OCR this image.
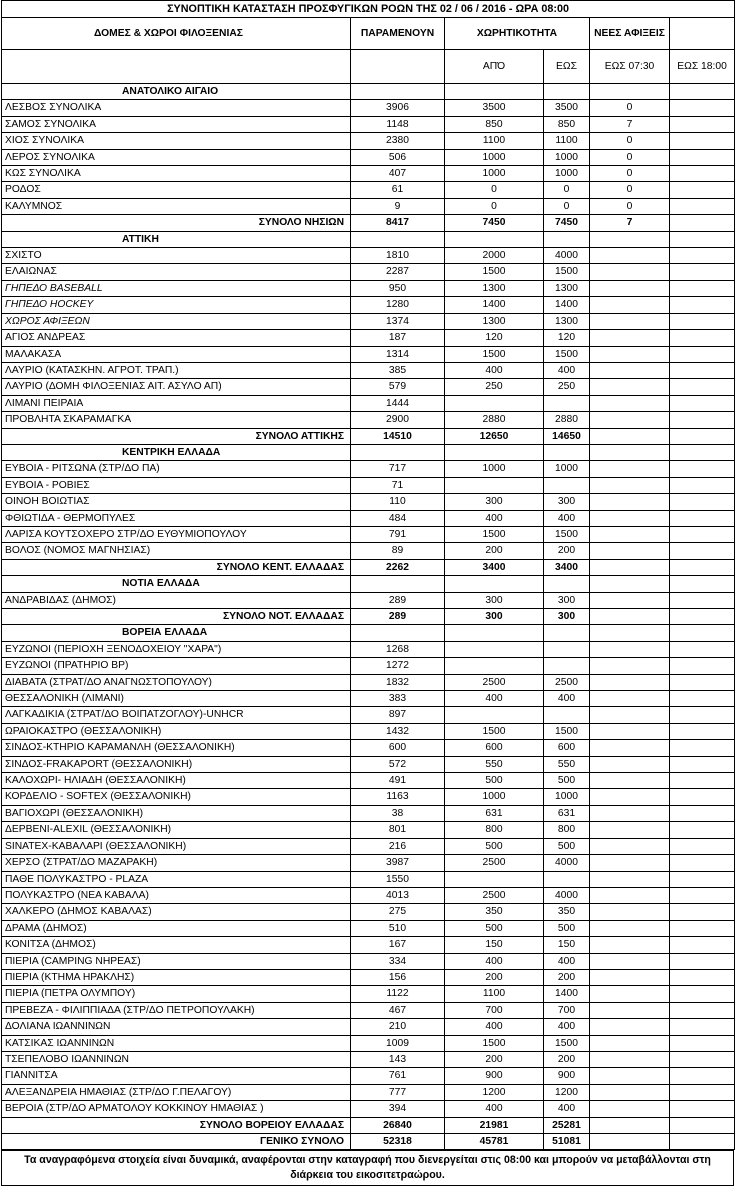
ΣΥΝΟΠΤΙΚΗ ΚΑΤΑΣΤΑΣΗ ΠΡΟΣΦΥΓΙΚΩΝ ΡΟΩΝ ΤΗΣ 02 / 06 / 2016 - ΩΡΑ 08:00					
ΔΟΜΕΣ & ΧΩΡΟΙ ΦΙΛΟΞΕΝΙΑΣ	ΠΑΡΑΜΕΝΟΥΝ	ΧΩΡΗΤΙΚΟΤΗΤΑ		ΝΕΕΣ ΑΦΙΞΕΙΣ	
		ΑΠΌ	ΕΩΣ	ΕΩΣ 07:30	ΕΩΣ 18:00
ΑΝΑΤΟΛΙΚΟ ΑΙΓΑΙΟ					
ΛΕΣΒΟΣ ΣΥΝΟΛΙΚΑ	3906	3500	3500	0	
ΣΑΜΟΣ ΣΥΝΟΛΙΚΑ	1148	850	850	7	
ΧΙΟΣ ΣΥΝΟΛΙΚΑ	2380	1100	1100	0	
ΛΕΡΟΣ ΣΥΝΟΛΙΚΑ	506	1000	1000	0	
ΚΩΣ ΣΥΝΟΛΙΚΑ	407	1000	1000	0	
ΡΟΔΟΣ	61	0	0	0	
ΚΑΛΥΜΝΟΣ	9	0	0	0	
ΣΥΝΟΛΟ ΝΗΣΙΩΝ	8417	7450	7450	7	
ΑΤΤΙΚΗ					
ΣΧΙΣΤΟ	1810	2000	4000		
ΕΛΑΙΩΝΑΣ	2287	1500	1500		
ΓΗΠΕΔΟ BASEBALL	950	1300	1300		
ΓΗΠΕΔΟ HOCKEY	1280	1400	1400		
ΧΩΡΟΣ ΑΦΙΞΕΩΝ	1374	1300	1300		
ΑΓΙΟΣ ΑΝΔΡΕΑΣ	187	120	120		
ΜΑΛΑΚΑΣΑ	1314	1500	1500		
ΛΑΥΡΙΟ (ΚΑΤΑΣΚΗΝ. ΑΓΡΟΤ. ΤΡΑΠ.)	385	400	400		
ΛΑΥΡΙΟ (ΔΟΜΗ ΦΙΛΟΞΕΝΙΑΣ ΑΙΤ. ΑΣΥΛΟ ΑΠ)	579	250	250		
ΛΙΜΑΝΙ ΠΕΙΡΑΙΑ	1444				
ΠΡΟΒΛΗΤΑ ΣΚΑΡΑΜΑΓΚΑ	2900	2880	2880		
ΣΥΝΟΛΟ ΑΤΤΙΚΗΣ	14510	12650	14650		
ΚΕΝΤΡΙΚΗ ΕΛΛΑΔΑ					
ΕΥΒΟΙΑ - ΡΙΤΣΩΝΑ (ΣΤΡ/ΔΟ ΠΑ)	717	1000	1000		
ΕΥΒΟΙΑ - ΡΟΒΙΕΣ	71				
ΟΙΝΟΗ ΒΟΙΩΤΙΑΣ	110	300	300		
ΦΘΙΩΤΙΔΑ - ΘΕΡΜΟΠΥΛΕΣ	484	400	400		
ΛΑΡΙΣΑ ΚΟΥΤΣΟΧΕΡΟ ΣΤΡ/ΔΟ ΕΥΘΥΜΙΟΠΟΥΛΟΥ	791	1500	1500		
ΒΟΛΟΣ (ΝΟΜΟΣ ΜΑΓΝΗΣΙΑΣ)	89	200	200		
ΣΥΝΟΛΟ ΚΕΝΤ. ΕΛΛΑΔΑΣ	2262	3400	3400		
ΝΟΤΙΑ ΕΛΛΑΔΑ					
ΑΝΔΡΑΒΙΔΑΣ (ΔΗΜΟΣ)	289	300	300		
ΣΥΝΟΛΟ ΝΟΤ. ΕΛΛΑΔΑΣ	289	300	300		
ΒΟΡΕΙΑ ΕΛΛΑΔΑ					
ΕΥΖΩΝΟΙ (ΠΕΡΙΟΧΗ ΞΕΝΟΔΟΧΕΙΟΥ "ΧΑΡΑ")	1268				
ΕΥΖΩΝΟΙ (ΠΡΑΤΗΡΙΟ ΒΡ)	1272				
ΔΙΑΒΑΤΑ (ΣΤΡΑΤ/ΔΟ ΑΝΑΓΝΩΣΤΟΠΟΥΛΟΥ)	1832	2500	2500		
ΘΕΣΣΑΛΟΝΙΚΗ (ΛΙΜΑΝΙ)	383	400	400		
ΛΑΓΚΑΔΙΚΙΑ (ΣΤΡΑΤ/ΔΟ ΒΟΙΠΑΤΖΟΓΛΟΥ)-UNHCR	897				
ΩΡΑΙΟΚΑΣΤΡΟ (ΘΕΣΣΑΛΟΝΙΚΗ)	1432	1500	1500		
ΣΙΝΔΟΣ-ΚΤΗΡΙΟ ΚΑΡΑΜΑΝΛΗ (ΘΕΣΣΑΛΟΝΙΚΗ)	600	600	600		
ΣΙΝΔΟΣ-FRAKAPORT (ΘΕΣΣΑΛΟΝΙΚΗ)	572	550	550		
ΚΑΛΟΧΩΡΙ- ΗΛΙΑΔΗ (ΘΕΣΣΑΛΟΝΙΚΗ)	491	500	500		
ΚΟΡΔΕΛΙΟ - SOFTEX (ΘΕΣΣΑΛΟΝΙΚΗ)	1163	1000	1000		
ΒΑΓΙΟΧΩΡΙ (ΘΕΣΣΑΛΟΝΙΚΗ)	38	631	631		
ΔΕΡΒΕΝΙ-ALEXIL (ΘΕΣΣΑΛΟΝΙΚΗ)	801	800	800		
SINATEX-ΚΑΒΑΛΑΡΙ (ΘΕΣΣΑΛΟΝΙΚΗ)	216	500	500		
ΧΕΡΣΟ (ΣΤΡΑΤ/ΔΟ ΜΑΖΑΡΑΚΗ)	3987	2500	4000		
ΠΑΘΕ ΠΟΛΥΚΑΣΤΡΟ - PLAZA	1550				
ΠΟΛΥΚΑΣΤΡΟ (ΝΕΑ ΚΑΒΑΛΑ)	4013	2500	4000		
ΧΑΛΚΕΡΟ (ΔΗΜΟΣ ΚΑΒΑΛΑΣ)	275	350	350		
ΔΡΑΜΑ (ΔΗΜΟΣ)	510	500	500		
ΚΟΝΙΤΣΑ (ΔΗΜΟΣ)	167	150	150		
ΠΙΕΡΙΑ (CAMPING ΝΗΡΕΑΣ)	334	400	400		
ΠΙΕΡΙΑ (ΚΤΗΜΑ ΗΡΑΚΛΗΣ)	156	200	200		
ΠΙΕΡΙΑ (ΠΕΤΡΑ ΟΛΥΜΠΟΥ)	1122	1100	1400		
ΠΡΕΒΕΖΑ - ΦΙΛΙΠΠΙΑΔΑ (ΣΤΡ/ΔΟ ΠΕΤΡΟΠΟΥΛΑΚΗ)	467	700	700		
ΔΟΛΙΑΝΑ ΙΩΑΝΝΙΝΩΝ	210	400	400		
ΚΑΤΣΙΚΑΣ ΙΩΑΝΝΙΝΩΝ	1009	1500	1500		
ΤΣΕΠΕΛΟΒΟ ΙΩΑΝΝΙΝΩΝ	143	200	200		
ΓΙΑΝΝΙΤΣΑ	761	900	900		
ΑΛΕΞΑΝΔΡΕΙΑ ΗΜΑΘΙΑΣ (ΣΤΡ/ΔΟ Γ.ΠΕΛΑΓΟΥ)	777	1200	1200		
ΒΕΡΟΙΑ (ΣΤΡ/ΔΟ ΑΡΜΑΤΟΛΟΥ ΚΟΚΚΙΝΟΥ ΗΜΑΘΙΑΣ )	394	400	400		
ΣΥΝΟΛΟ ΒΟΡΕΙΟΥ ΕΛΛΑΔΑΣ	26840	21981	25281		
ΓΕΝΙΚΟ ΣΥΝΟΛΟ	52318	45781	51081		
Τα αναγραφόμενα στοιχεία είναι δυναμικά, αναφέρονται στην καταγραφή που διενεργείται στις 08:00 και μπορούν να μεταβάλλονται στη διάρκεια του εικοσιτετραώρου.
